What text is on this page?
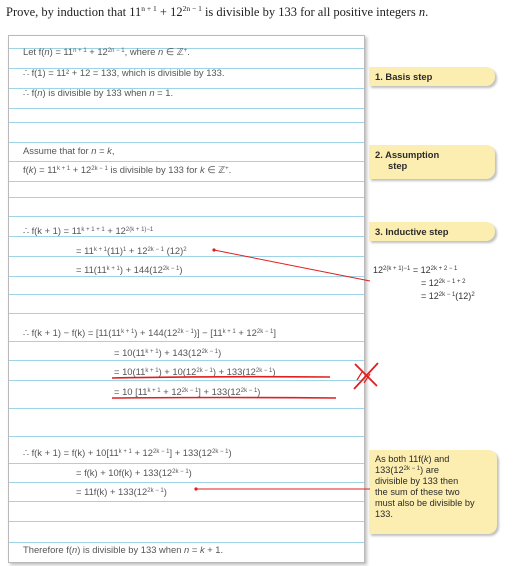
Prove, by induction that $11^{n + 1} + 12^{2n - 1}$ is divisible by 133 for all positive integers n.
Let $f(n) = 11^{n + 1} + 12^{2n - 1}$, where n ∈ ℤ+.
∴ f(1) = 11² + 12 = 133, which is divisible by 133.
∴ f(n) is divisible by 133 when n = 1.
Assume that for n = k,
$f(k) = 11^{k + 1} + 12^{2k - 1}$ is divisible by 133 for k ∈ ℤ+.
∴ $f(k + 1) = 11^{k + 1 + 1} + 12^{2(k + 1)-1}$
= $11^{k + 1}(11)^1 + 12^{2k - 1}$ $(12)^2$
= $11(11^{k + 1}) + 144(12^{2k - 1})$
∴ $f(k + 1) - f(k) = [11(11^{k + 1}) + 144(12^{2k - 1})] - [11^{k + 1} + 12^{2k - 1}]$
= $10(11^{k + 1}) + 143(12^{2k - 1})$
= $10(11^{k + 1}) + 10(12^{2k - 1}) + 133(12^{2k - 1})$
= 10 $[11^{k + 1} + 12^{2k - 1}] + 133(12^{2k - 1})$
∴ $f(k + 1) = f(k) + 10[11^{k + 1} + 12^{2k - 1}] + 133(12^{2k - 1})$
= $f(k) + 10f(k) + 133(12^{2k - 1})$
= $11f(k) + 133(12^{2k - 1})$
Therefore f(n) is divisible by 133 when n = k + 1.
1. Basis step
2. Assumption
step
3. Inductive step
$12^{2(k + 1)-1} = 12^{2k + 2 - 1}$
= $12^{2k - 1 + 2}$
= $12^{2k - 1}(12)^2$
As both 11f(k) and
$133(12^{2k - 1})$ are
divisible by 133 then
the sum of these two
must also be divisible by
133.
